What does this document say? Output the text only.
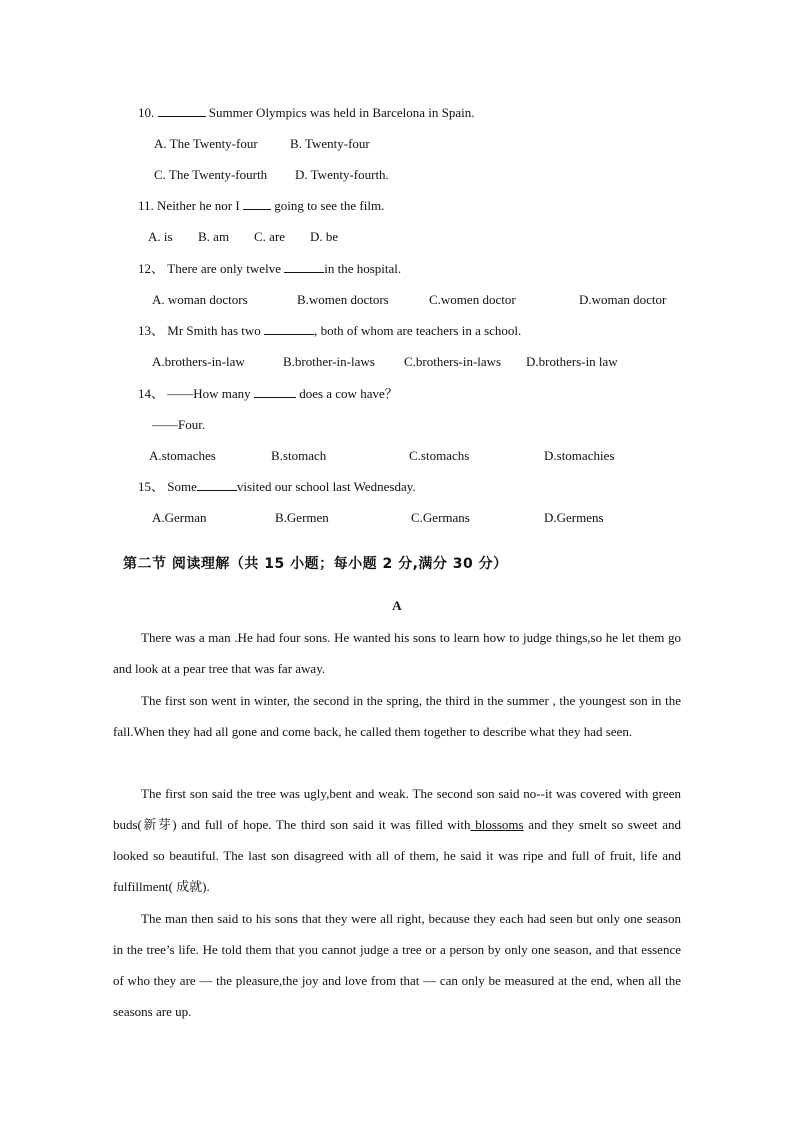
10.	Summer Olympics was held in Barcelona in Spain.
A. The Twenty-four B. Twenty-four
C. The Twenty-fourth D. Twenty-fourth.
11. Neither he nor I  going to see the film.
A. is B. am C. are D. be
12、 There are only twelve	in the hospital.
A. woman doctors	B.women doctors	C.women doctor	D.woman doctor
13、 Mr Smith has two	, both of whom are teachers in a school.
A.brothers-in-law	B.brother-in-laws C.brothers-in-laws D.brothers-in law
14、 ——How many	does a cow have？
——Four.
A.stomaches	B.stomach	C.stomachs	D.stomachies
15、 Some	visited our school last Wednesday.
A.German	B.Germen	C.Germans	D.Germens
第二节 阅读理解（共 15 小题；每小题 2 分,满分 30 分）
A
There was a man .He had four sons. He wanted his sons to learn how to judge things,so he let them go and look at a pear tree that was far away.
The first son went in winter, the second in the spring, the third in the summer , the youngest son in the fall.When they had all gone and come back, he called them together to describe what they had seen.
The first son said the tree was ugly,bent and weak. The second son said no--it was covered with green buds(新芽) and full of hope. The third son said it was filled with blossoms and they smelt so sweet and looked so beautiful. The last son disagreed with all of them, he said it was ripe and full of fruit, life and fulfillment( 成就).
The man then said to his sons that they were all right, because they each had seen but only one season in the tree’s life. He told them that you cannot judge a tree or a person by only one season, and that essence of who they are — the pleasure,the joy and love from that — can only be measured at the end, when all the seasons are up.
